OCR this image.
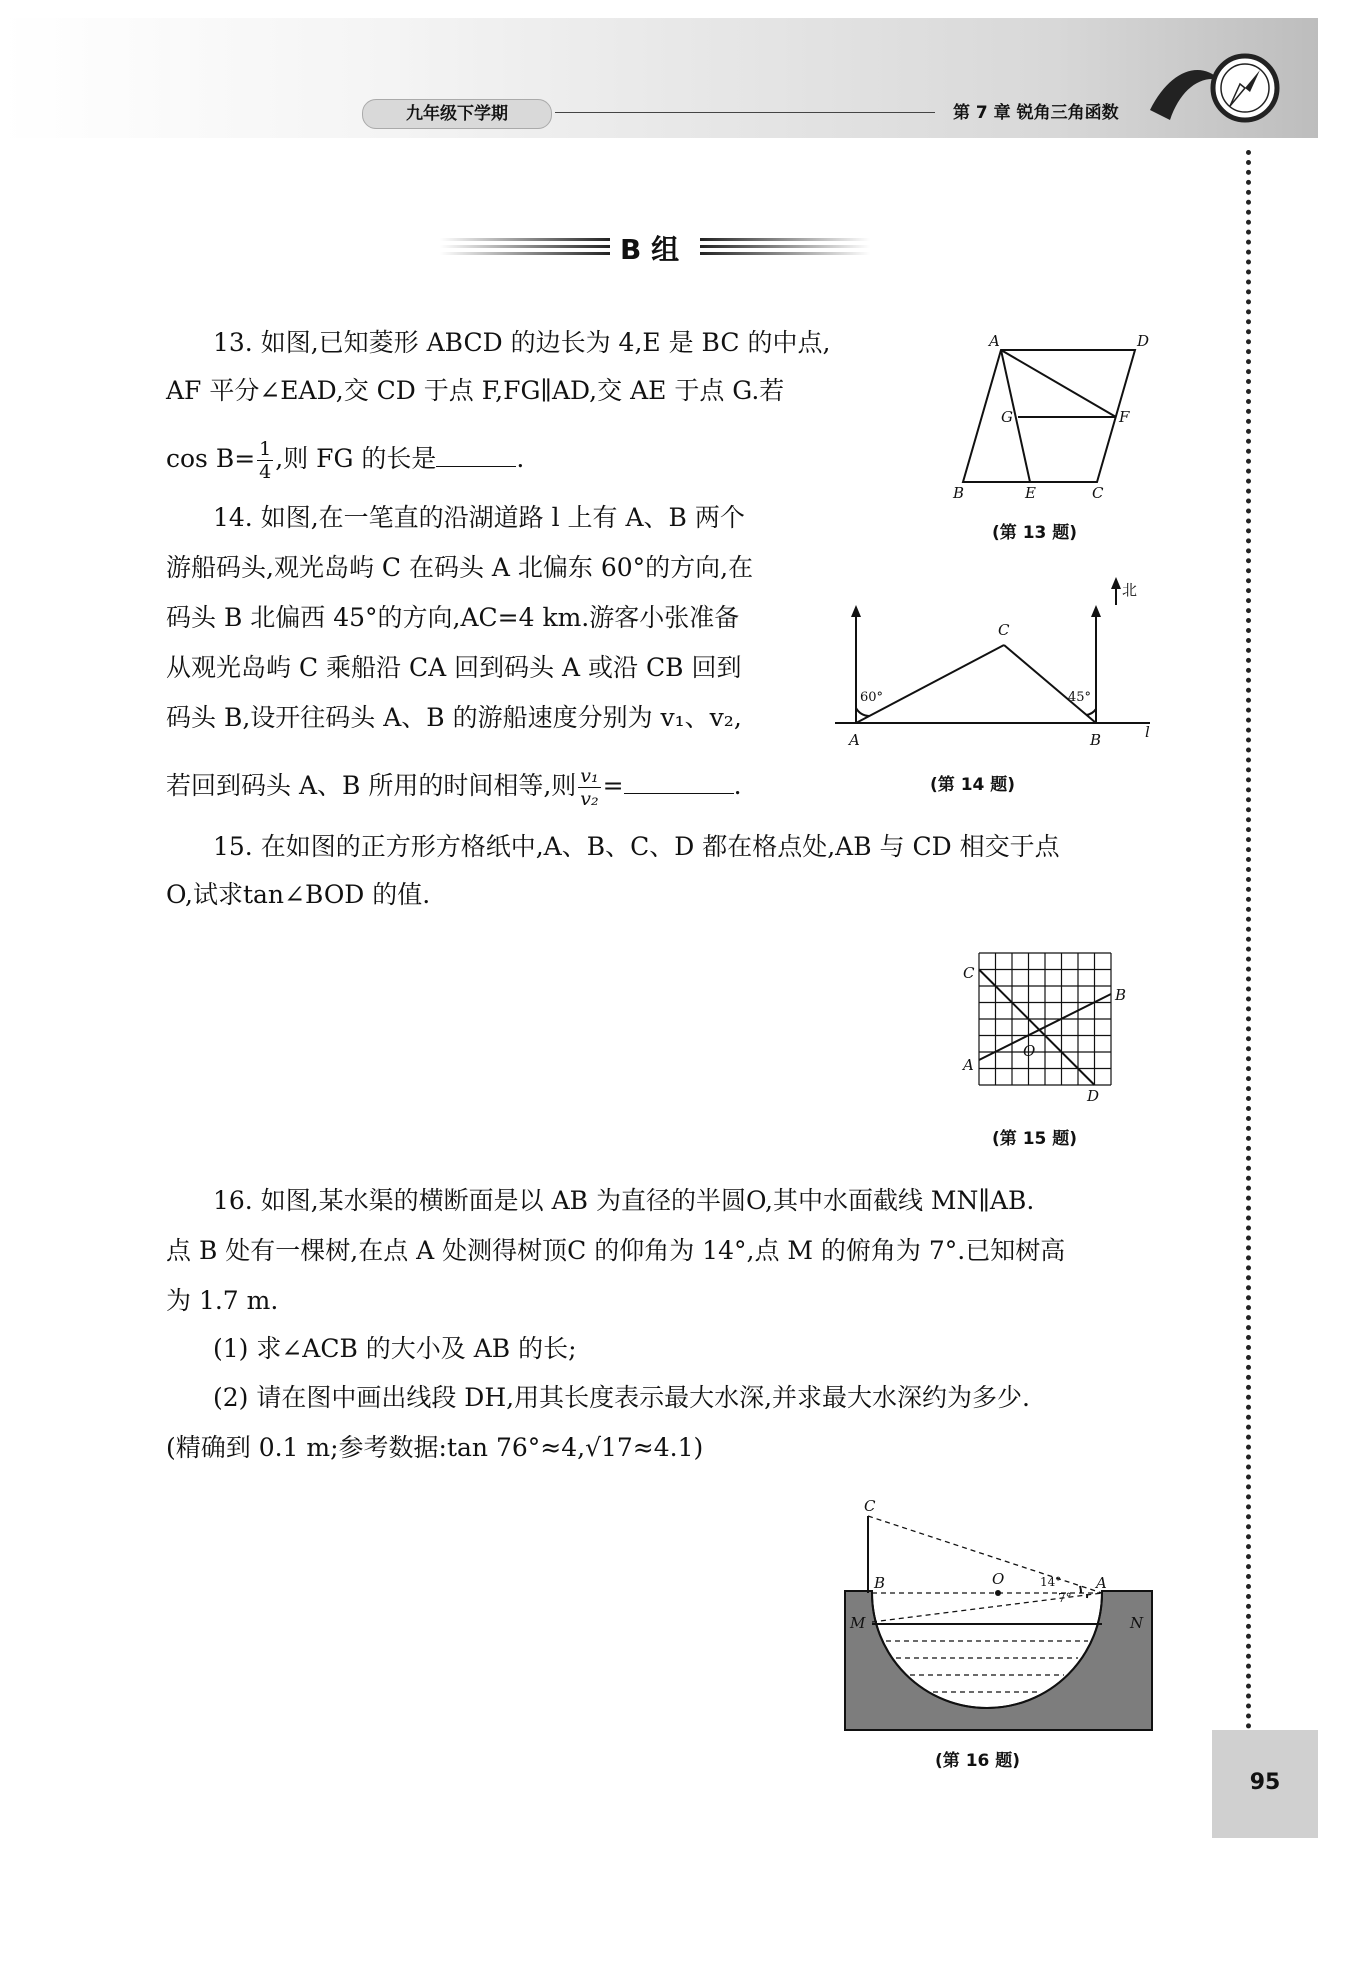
九年级下学期	第 7 章 锐角三角函数
95
B 组
13. 如图,已知菱形 ABCD 的边长为 4,E 是 BC 的中点,
AF 平分∠EAD,交 CD 于点 F,FG∥AD,交 AE 于点 G.若
$\cos B= \frac{1}{4}$ ,则 FG 的长是	.
A	D
B	E	C
F
G
(第 13 题)
14. 如图,在一笔直的沿湖道路 l 上有 A、B 两个
游船码头,观光岛屿 C 在码头 A 北偏东 60°的方向,在
码头 B 北偏西 45°的方向,AC=4 km.游客小张准备
从观光岛屿 C 乘船沿 CA 回到码头 A 或沿 CB 回到
码头 B,设开往码头 A、B 的游船速度分别为 v₁、v₂,
若回到码头 A、B 所用的时间相等,则 $\frac{\text{v₁}}{\text{v₂}}$ =	.
A	B
C
l
北
60°	45°
(第 14 题)
15. 在如图的正方形方格纸中,A、B、C、D 都在格点处,AB 与 CD 相交于点
O,试求tan∠BOD 的值.
C
B
A
O
D
(第 15 题)
16. 如图,某水渠的横断面是以 AB 为直径的半圆O,其中水面截线 MN∥AB.
点 B 处有一棵树,在点 A 处测得树顶C 的仰角为 14°,点 M 的俯角为 7°.已知树高
为 1.7 m.
(1) 求∠ACB 的大小及 AB 的长;
(2) 请在图中画出线段 DH,用其长度表示最大水深,并求最大水深约为多少.
(精确到 0.1 m;参考数据:tan 76°≈4,√17≈4.1)
C
B	O	A
M	N
14°
7°
(第 16 题)
